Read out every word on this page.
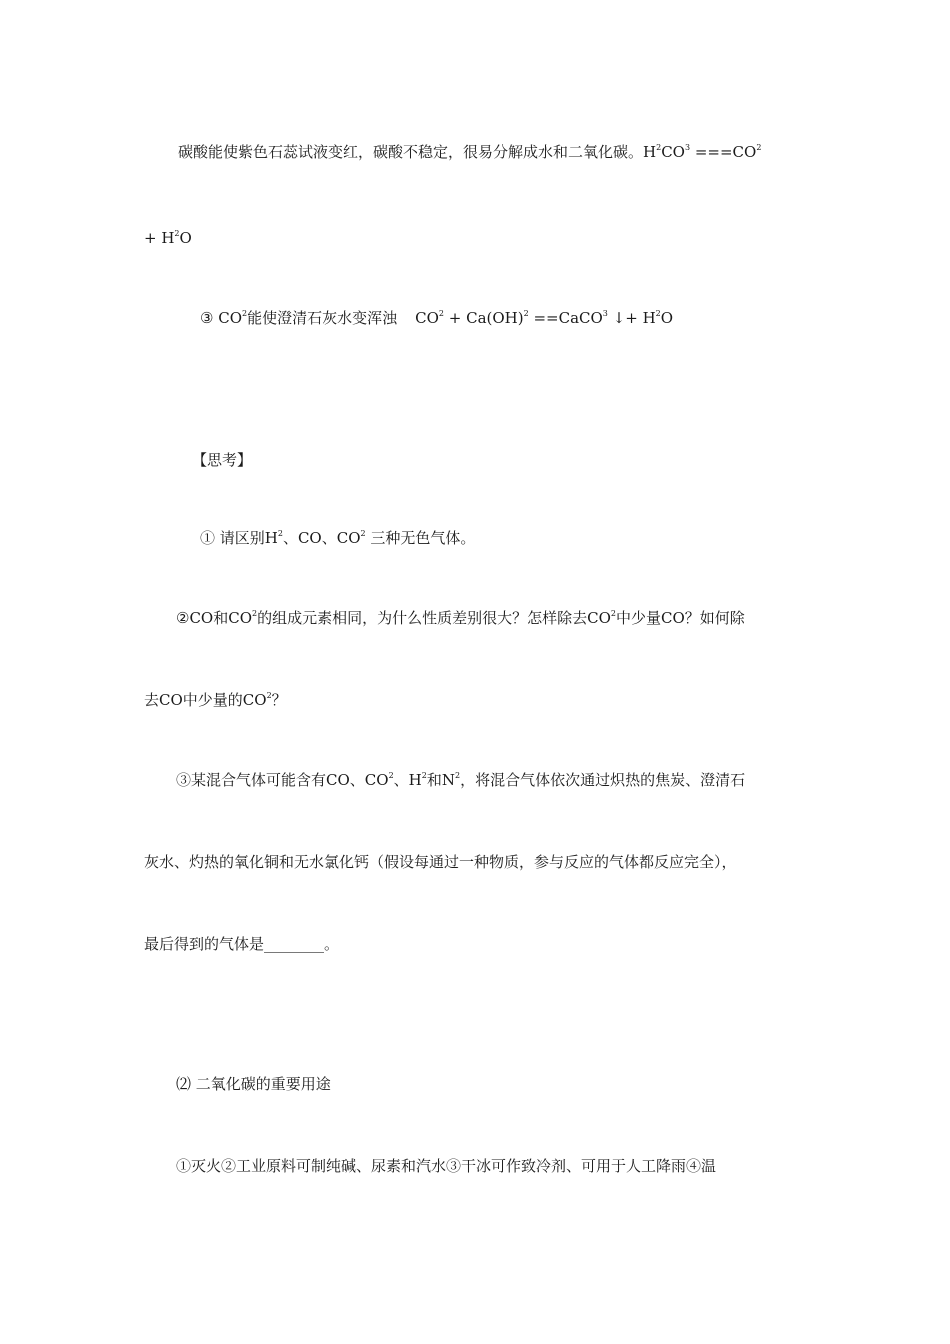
碳酸能使紫色石蕊试液变红，碳酸不稳定，很易分解成水和二氧化碳。$H^2CO^3 ===CO^2$
+ $H^2O$
③ $CO^2$能使澄清石灰水变浑浊 $CO^2 + Ca(OH)^2$ ==CaCO$^3$ ↓+ $H^2O$
【思考】
① 请区别$H^2$、CO、$CO^2$ 三种无色气体。
②CO和$CO^2$的组成元素相同，为什么性质差别很大？怎样除去$CO^2$中少量CO？如何除
去CO中少量的$CO^2$？
③某混合气体可能含有CO、$CO^2$、$H^2$和$N^2$，将混合气体依次通过炽热的焦炭、澄清石
灰水、灼热的氧化铜和无水氯化钙（假设每通过一种物质，参与反应的气体都反应完全），
最后得到的气体是________。
⑵ 二氧化碳的重要用途
①灭火②工业原料可制纯碱、尿素和汽水③干冰可作致冷剂、可用于人工降雨④温
